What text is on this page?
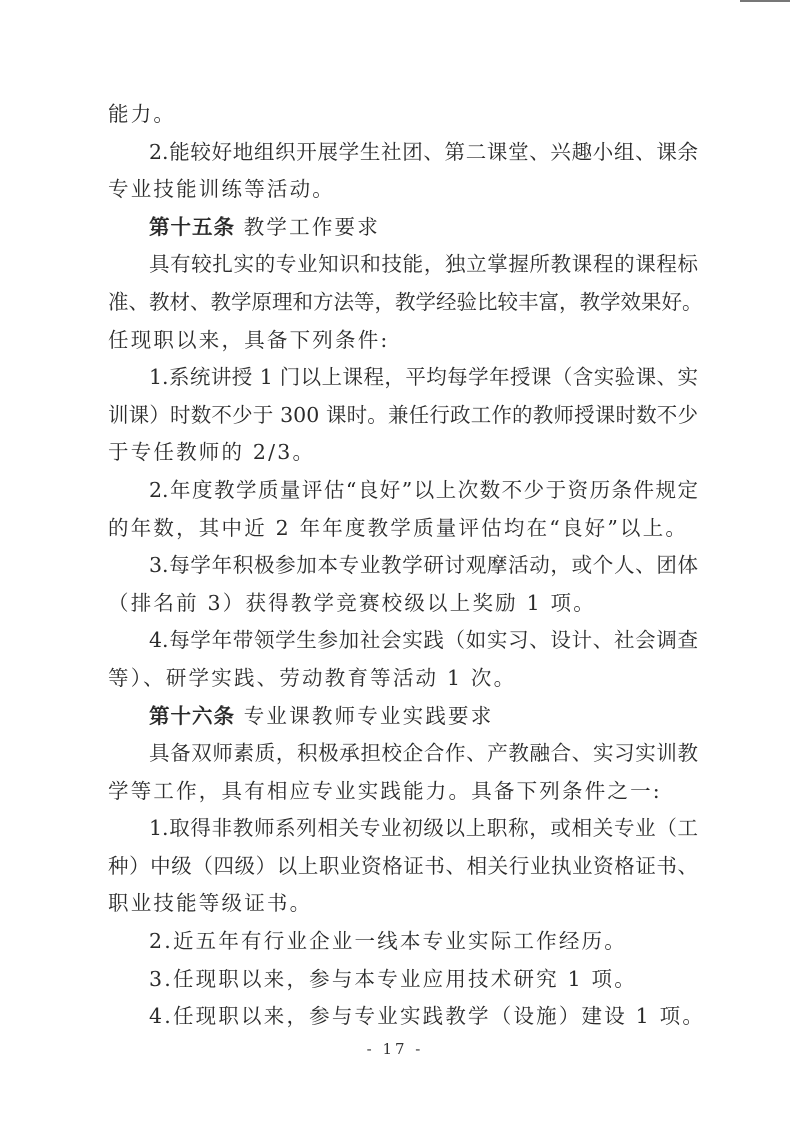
能力。
2.能较好地组织开展学生社团、第二课堂、兴趣小组、课余
专业技能训练等活动。
第十五条 教学工作要求
具有较扎实的专业知识和技能，独立掌握所教课程的课程标
准、教材、教学原理和方法等，教学经验比较丰富，教学效果好。
任现职以来，具备下列条件:
1.系统讲授 1 门以上课程，平均每学年授课（含实验课、实
训课）时数不少于 300 课时。兼任行政工作的教师授课时数不少
于专任教师的 2/3。
2.年度教学质量评估“良好”以上次数不少于资历条件规定
的年数，其中近 2 年年度教学质量评估均在“良好”以上。
3.每学年积极参加本专业教学研讨观摩活动，或个人、团体
（排名前 3）获得教学竞赛校级以上奖励 1 项。
4.每学年带领学生参加社会实践（如实习、设计、社会调查
等）、研学实践、劳动教育等活动 1 次。
第十六条 专业课教师专业实践要求
具备双师素质，积极承担校企合作、产教融合、实习实训教
学等工作，具有相应专业实践能力。具备下列条件之一:
1.取得非教师系列相关专业初级以上职称，或相关专业（工
种）中级（四级）以上职业资格证书、相关行业执业资格证书、
职业技能等级证书。
2.近五年有行业企业一线本专业实际工作经历。
3.任现职以来，参与本专业应用技术研究 1 项。
4.任现职以来，参与专业实践教学（设施）建设 1 项。
- 17 -
